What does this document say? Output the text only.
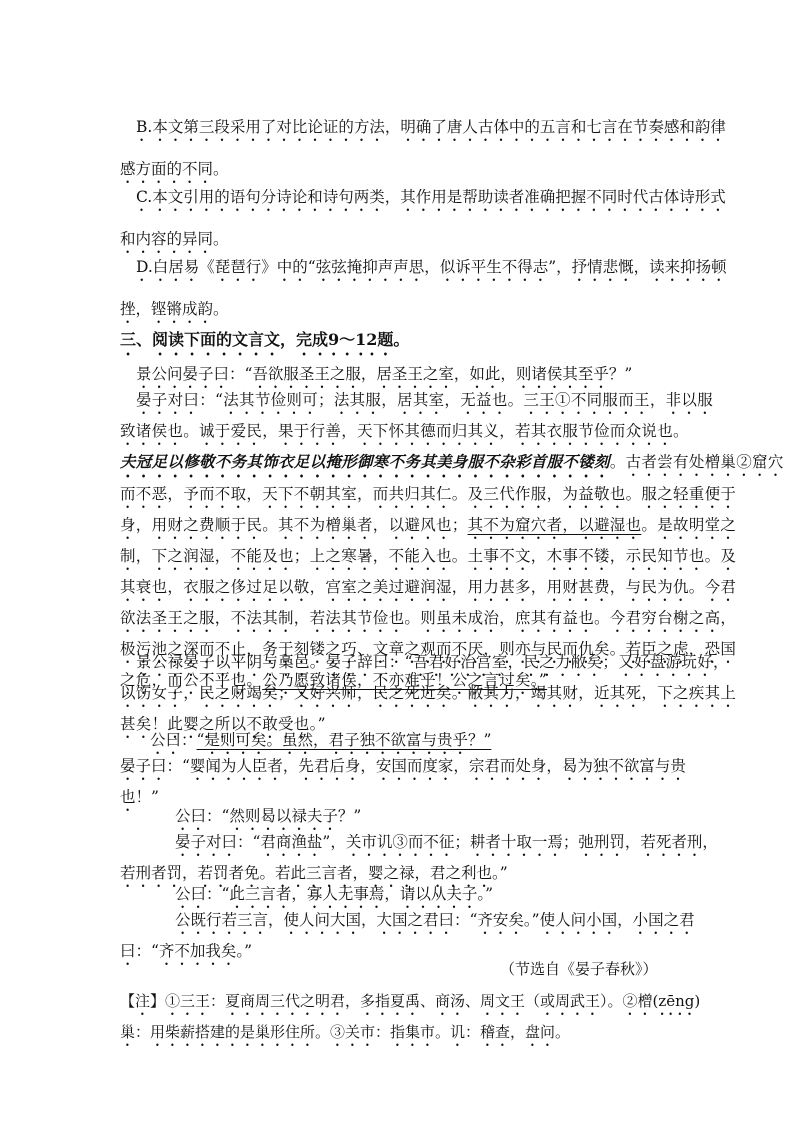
B.本文第三段采用了对比论证的方法，明确了唐人古体中的五言和七言在节奏感和韵律
感方面的不同。
C.本文引用的语句分诗论和诗句两类，其作用是帮助读者准确把握不同时代古体诗形式
和内容的异同。
D.白居易《琵琶行》中的“弦弦掩抑声声思，似诉平生不得志”，抒情悲慨，读来抑扬顿
挫，铿锵成韵。
三、阅读下面的文言文，完成9～12题。
景公问晏子曰：“吾欲服圣王之服，居圣王之室，如此，则诸侯其至乎？”
晏子对曰：“法其节俭则可；法其服，居其室，无益也。三王①不同服而王，非以服
致诸侯也。诚于爱民，果于行善，天下怀其德而归其义，若其衣服节俭而众说也。
夫冠足以修敬不务其饰衣足以掩形御寒不务其美身服不杂彩首服不镂刻。古者尝有处橧巢②窟穴
而不恶，予而不取，天下不朝其室，而共归其仁。及三代作服，为益敬也。服之轻重便于
身，用财之费顺于民。其不为橧巢者，以避风也；其不为窟穴者，以避湿也。是故明堂之
制，下之润湿，不能及也；上之寒暑，不能入也。土事不文，木事不镂，示民知节也。及
其衰也，衣服之侈过足以敬，宫室之美过避润湿，用力甚多，用财甚费，与民为仇。今君
欲法圣王之服，不法其制，若法其节俭也。则虽未成治，庶其有益也。今君穷台榭之高，
极污池之深而不止，务于刻镂之巧、文章之观而不厌，则亦与民而仇矣。若臣之虑，恐国
之危，而公不平也。公乃愿致诸侯，不亦难乎！公之言过矣。”
景公禄晏子以平阴与槀邑。晏子辞曰：“吾君好治宫室，民之力敝矣；又好盘游玩好，
以饬女子，民之财竭矣；又好兴师，民之死近矣。敝其力，竭其财，近其死，下之疾其上
甚矣！此婴之所以不敢受也。”
公曰：“是则可矣。虽然，君子独不欲富与贵乎？”
晏子曰：“婴闻为人臣者，先君后身，安国而度家，宗君而处身，曷为独不欲富与贵
也！”
公曰：“然则曷以禄夫子？”
晏子对曰：“君商渔盐”，关市讥③而不征；耕者十取一焉；弛刑罚，若死者刑，
若刑者罚，若罚者免。若此三言者，婴之禄，君之利也。”
公曰：“此三言者，寡人无事焉，请以从夫子。”
公既行若三言，使人问大国，大国之君曰：“齐安矣。”使人问小国，小国之君
曰：“齐不加我矣。”
（节选自《晏子春秋》）
【注】①三王：夏商周三代之明君，多指夏禹、商汤、周文王（或周武王）。②橧(zēng)
巢：用柴薪搭建的是巢形住所。③关市：指集市。讥：稽查，盘问。
